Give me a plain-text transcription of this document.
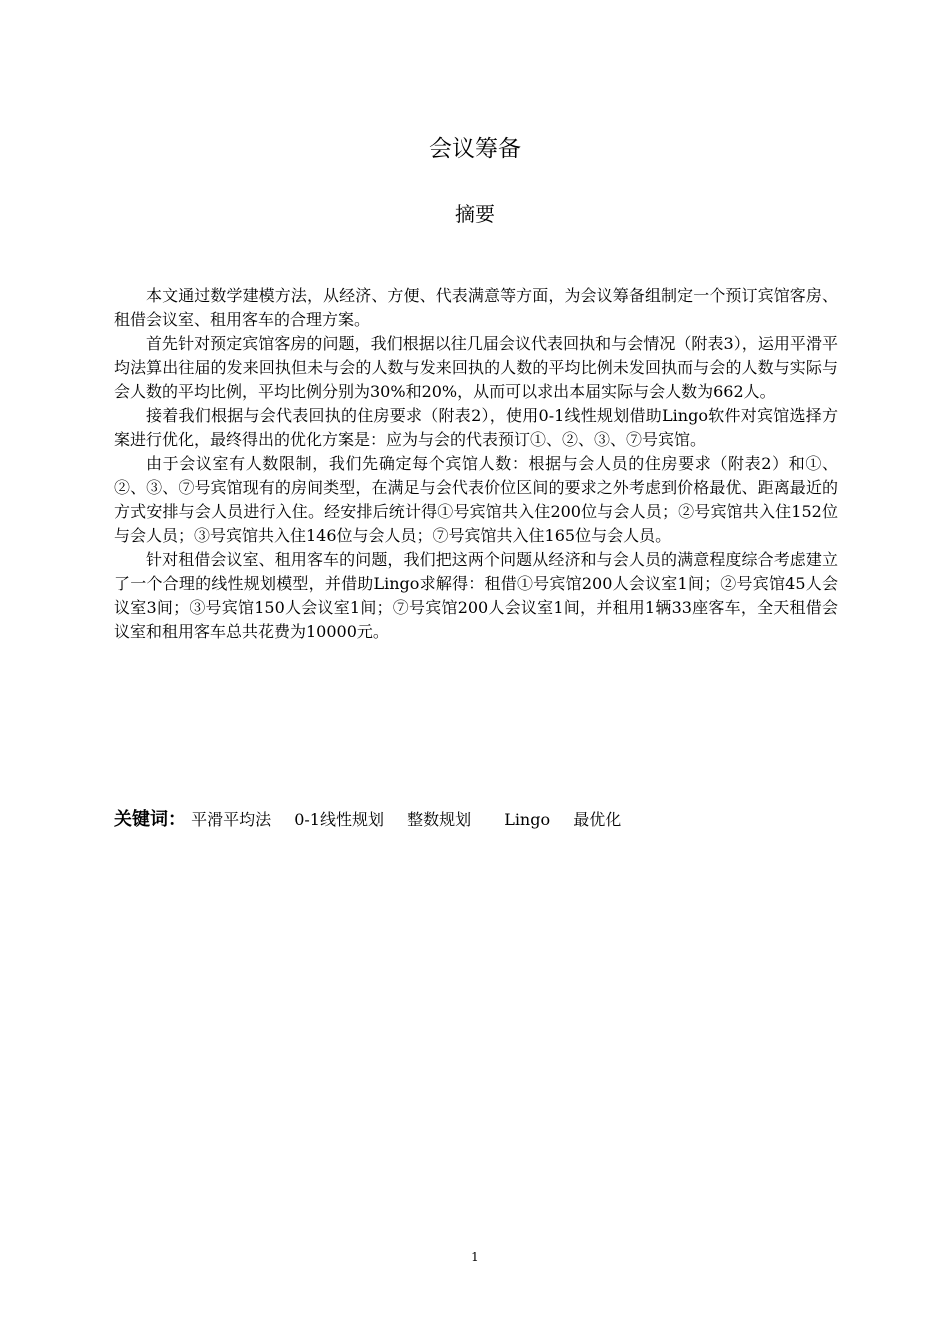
会议筹备
摘要

本文通过数学建模方法，从经济、方便、代表满意等方面，为会议筹备组制定一个预订宾馆客房、租借会议室、租用客车的合理方案。

首先针对预定宾馆客房的问题，我们根据以往几届会议代表回执和与会情况（附表3），运用平滑平均法算出往届的发来回执但未与会的人数与发来回执的人数的平均比例未发回执而与会的人数与实际与会人数的平均比例，平均比例分别为30%和20%，从而可以求出本届实际与会人数为662人。

接着我们根据与会代表回执的住房要求（附表2），使用0-1线性规划借助Lingo软件对宾馆选择方案进行优化，最终得出的优化方案是：应为与会的代表预订①、②、③、⑦号宾馆。

由于会议室有人数限制，我们先确定每个宾馆人数：根据与会人员的住房要求（附表2）和①、②、③、⑦号宾馆现有的房间类型，在满足与会代表价位区间的要求之外考虑到价格最优、距离最近的方式安排与会人员进行入住。经安排后统计得①号宾馆共入住200位与会人员；②号宾馆共入住152位与会人员；③号宾馆共入住146位与会人员；⑦号宾馆共入住165位与会人员。

针对租借会议室、租用客车的问题，我们把这两个问题从经济和与会人员的满意程度综合考虑建立了一个合理的线性规划模型，并借助Lingo求解得：租借①号宾馆200人会议室1间；②号宾馆45人会议室3间；③号宾馆150人会议室1间；⑦号宾馆200人会议室1间，并租用1辆33座客车，全天租借会议室和租用客车总共花费为10000元。

关键词： 平滑平均法 0-1线性规划 整数规划 Lingo 最优化
1
